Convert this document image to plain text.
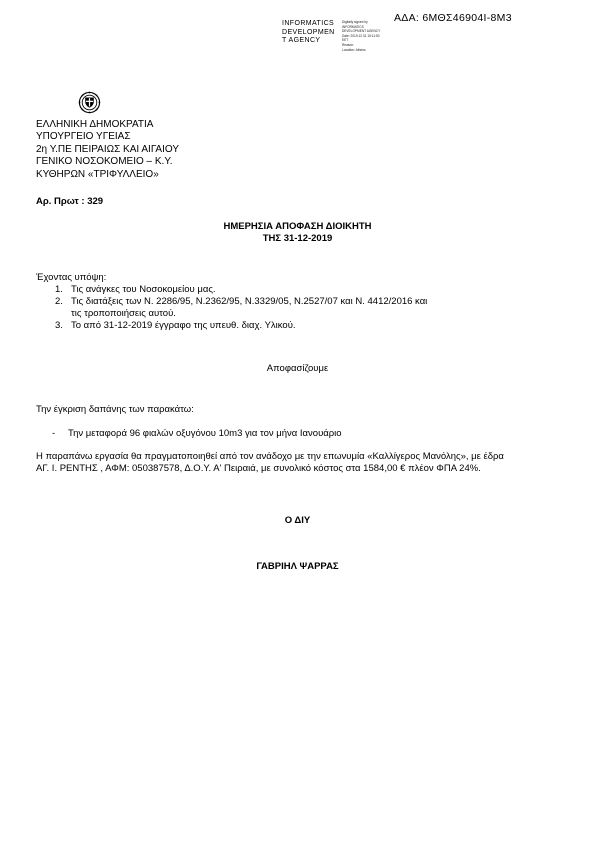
ΑΔΑ: 6ΜΘΣ46904Ι-8Μ3
INFORMATICS
DEVELOPMEN
T AGENCY
Digitally signed by
INFORMATICS
DEVELOPMENT AGENCY
Date: 2019.12.31 15:11:50
EET
Reason:
Location: Athens
ΕΛΛΗΝΙΚΗ ΔΗΜΟΚΡΑΤΙΑ
ΥΠΟΥΡΓΕΙΟ ΥΓΕΙΑΣ
2η Υ.ΠΕ ΠΕΙΡΑΙΩΣ ΚΑΙ ΑΙΓΑΙΟΥ
ΓΕΝΙΚΟ ΝΟΣΟΚΟΜΕΙΟ – Κ.Υ.
ΚΥΘΗΡΩΝ «ΤΡΙΦΥΛΛΕΙΟ»
Αρ. Πρωτ : 329
ΗΜΕΡΗΣΙΑ ΑΠΟΦΑΣΗ ΔΙΟΙΚΗΤΗ
ΤΗΣ 31-12-2019
Έχοντας υπόψη:
1. Τις ανάγκες του Νοσοκομείου μας.
2. Τις διατάξεις των Ν. 2286/95, Ν.2362/95, Ν.3329/05, Ν.2527/07 και Ν. 4412/2016 και
τις τροποποιήσεις αυτού.
3. Το από 31-12-2019 έγγραφο της υπευθ. διαχ. Υλικού.
Αποφασίζουμε
Την έγκριση δαπάνης των παρακάτω:
-	Την μεταφορά 96 φιαλών οξυγόνου 10m3 για τον μήνα Ιανουάριο
Η παραπάνω εργασία θα πραγματοποιηθεί από τον ανάδοχο με την επωνυμία «Καλλίγερος Μανόλης», με έδρα
ΑΓ. Ι. ΡΕΝΤΗΣ , ΑΦΜ: 050387578, Δ.Ο.Υ. Α' Πειραιά, με συνολικό κόστος στα 1584,00 € πλέον ΦΠΑ 24%.
Ο ΔΙΥ
ΓΑΒΡΙΗΛ ΨΑΡΡΑΣ
